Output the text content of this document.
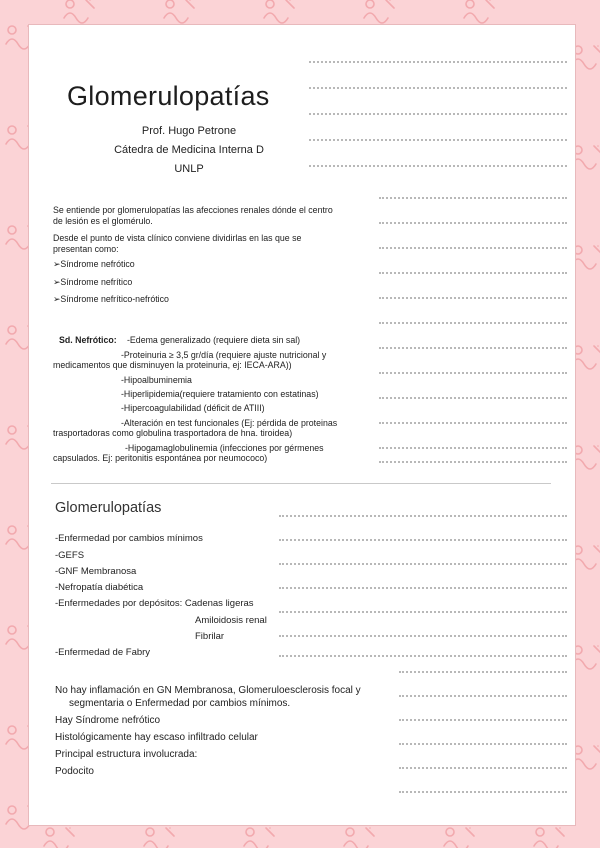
Glomerulopatías
Prof. Hugo Petrone
Cátedra de Medicina Interna D
UNLP
Se entiende por glomerulopatías las afecciones renales dónde el centro
de lesión es el glomérulo.
Desde el punto de vista clínico conviene dividirlas en las que se
presentan como:
➢Síndrome nefrótico
➢Síndrome nefrítico
➢Síndrome nefrítico-nefrótico
Sd. Nefrótico: -Edema generalizado (requiere dieta sin sal)
-Proteinuria ≥ 3,5 gr/día (requiere ajuste nutricional y
medicamentos que disminuyen la proteinuria, ej: IECA-ARA))
-Hipoalbuminemia
-Hiperlipidemia(requiere tratamiento con estatinas)
-Hipercoagulabilidad (déficit de ATIII)
-Alteración en test funcionales (Ej: pérdida de proteinas
trasportadoras como globulina trasportadora de hna. tiroidea)
-Hipogamaglobulinemia (infecciones por gérmenes
capsulados. Ej: peritonitis espontánea por neumococo)
Glomerulopatías
-Enfermedad por cambios mínimos
-GEFS
-GNF Membranosa
-Nefropatía diabética
-Enfermedades por depósitos: Cadenas ligeras
Amiloidosis renal
Fibrilar
-Enfermedad de Fabry
No hay inflamación en GN Membranosa, Glomeruloesclerosis focal y
segmentaria o Enfermedad por cambios mínimos.
Hay Síndrome nefrótico
Histológicamente hay escaso infiltrado celular
Principal estructura involucrada:
Podocito
